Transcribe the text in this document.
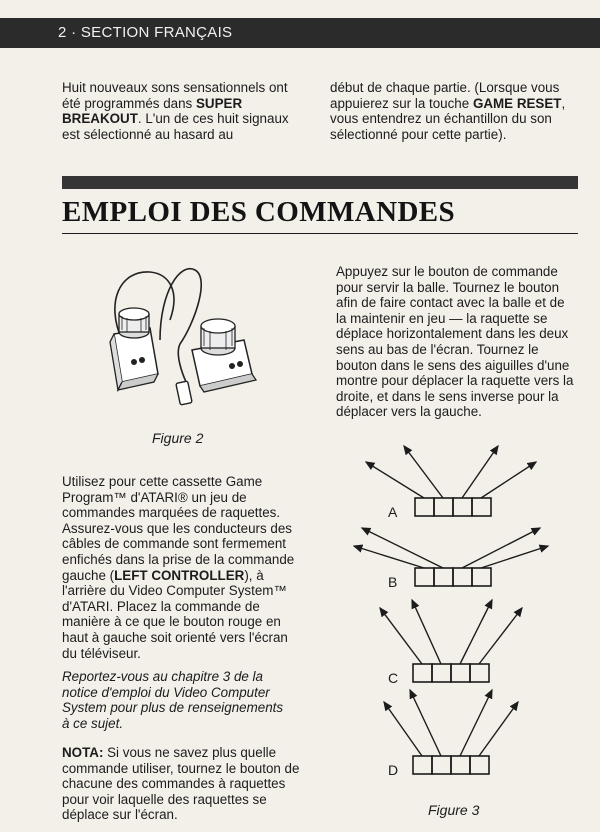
2 · SECTION FRANÇAIS

Huit nouveaux sons sensationnels ont été programmés dans SUPER BREAKOUT. L'un de ces huit signaux est sélectionné au hasard au

début de chaque partie. (Lorsque vous appuierez sur la touche GAME RESET, vous entendrez un échantillon du son sélectionné pour cette partie).

EMPLOI DES COMMANDES
Figure 2
Appuyez sur le bouton de commande pour servir la balle. Tournez le bouton afin de faire contact avec la balle et de la maintenir en jeu — la raquette se déplace horizontalement dans les deux sens au bas de l'écran. Tournez le bouton dans le sens des aiguilles d'une montre pour déplacer la raquette vers la droite, et dans le sens inverse pour la déplacer vers la gauche.

Utilisez pour cette cassette Game Program™ d'ATARI® un jeu de commandes marquées de raquettes. Assurez-vous que les conducteurs des câbles de commande sont fermement enfichés dans la prise de la commande gauche (LEFT CONTROLLER), à l'arrière du Video Computer System™ d'ATARI. Placez la commande de manière à ce que le bouton rouge en haut à gauche soit orienté vers l'écran du téléviseur.

Reportez-vous au chapitre 3 de la notice d'emploi du Video Computer System pour plus de renseignements à ce sujet.

NOTA: Si vous ne savez plus quelle commande utiliser, tournez le bouton de chacune des commandes à raquettes pour voir laquelle des raquettes se déplace sur l'écran.

A
B
C
D
Figure 3
